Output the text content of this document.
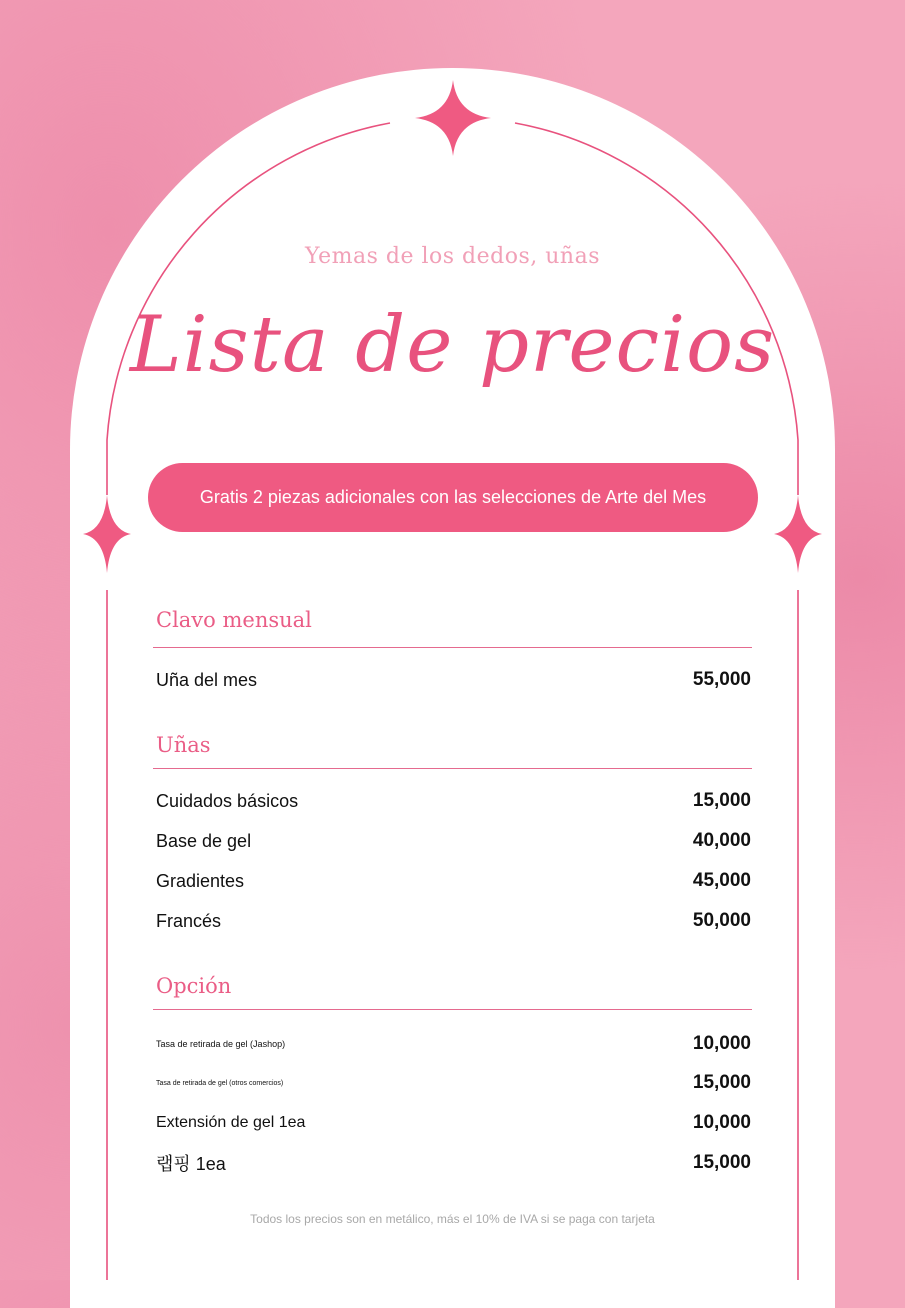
Yemas de los dedos, uñas
Lista de precios
Gratis 2 piezas adicionales con las selecciones de Arte del Mes
Clavo mensual
Uña del mes	55,000
Uñas
Cuidados básicos	15,000
Base de gel	40,000
Gradientes	45,000
Francés	50,000
Opción
Tasa de retirada de gel (Jashop)	10,000
Tasa de retirada de gel (otros comercios)	15,000
Extensión de gel 1ea	10,000
랩핑 1ea	15,000
Todos los precios son en metálico, más el 10% de IVA si se paga con tarjeta
